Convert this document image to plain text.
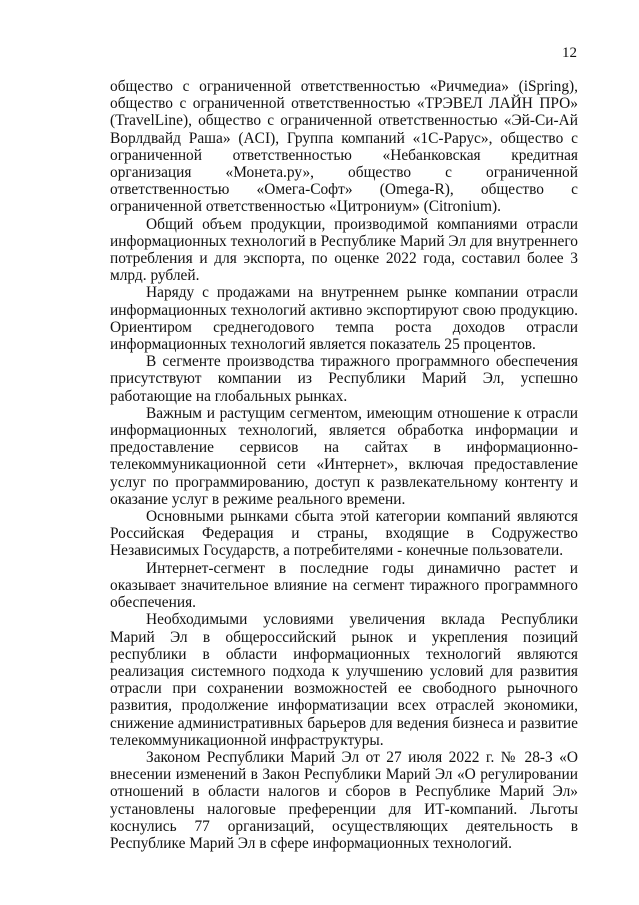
12

общество с ограниченной ответственностью «Ричмедиа» (iSpring), общество с ограниченной ответственностью «ТРЭВЕЛ ЛАЙН ПРО» (TravelLine), общество с ограниченной ответственностью «Эй-Си-Ай Ворлдвайд Раша» (ACI), Группа компаний «1С-Рарус», общество с ограниченной ответственностью «Небанковская кредитная организация «Монета.ру», общество с ограниченной ответственностью «Омега-Софт» (Omega-R), общество с ограниченной ответственностью «Цитрониум» (Citronium).

Общий объем продукции, производимой компаниями отрасли информационных технологий в Республике Марий Эл для внутреннего потребления и для экспорта, по оценке 2022 года, составил более 3 млрд. рублей.

Наряду с продажами на внутреннем рынке компании отрасли информационных технологий активно экспортируют свою продукцию. Ориентиром среднегодового темпа роста доходов отрасли информационных технологий является показатель 25 процентов.

В сегменте производства тиражного программного обеспечения присутствуют компании из Республики Марий Эл, успешно работающие на глобальных рынках.

Важным и растущим сегментом, имеющим отношение к отрасли информационных технологий, является обработка информации и предоставление сервисов на сайтах в информационно-телекоммуникационной сети «Интернет», включая предоставление услуг по программированию, доступ к развлекательному контенту и оказание услуг в режиме реального времени.

Основными рынками сбыта этой категории компаний являются Российская Федерация и страны, входящие в Содружество Независимых Государств, а потребителями - конечные пользователи.

Интернет-сегмент в последние годы динамично растет и оказывает значительное влияние на сегмент тиражного программного обеспечения.

Необходимыми условиями увеличения вклада Республики Марий Эл в общероссийский рынок и укрепления позиций республики в области информационных технологий являются реализация системного подхода к улучшению условий для развития отрасли при сохранении возможностей ее свободного рыночного развития, продолжение информатизации всех отраслей экономики, снижение административных барьеров для ведения бизнеса и развитие телекоммуникационной инфраструктуры.

Законом Республики Марий Эл от 27 июля 2022 г. № 28-З «О внесении изменений в Закон Республики Марий Эл «О регулировании отношений в области налогов и сборов в Республике Марий Эл» установлены налоговые преференции для ИТ-компаний. Льготы коснулись 77 организаций, осуществляющих деятельность в Республике Марий Эл в сфере информационных технологий.
